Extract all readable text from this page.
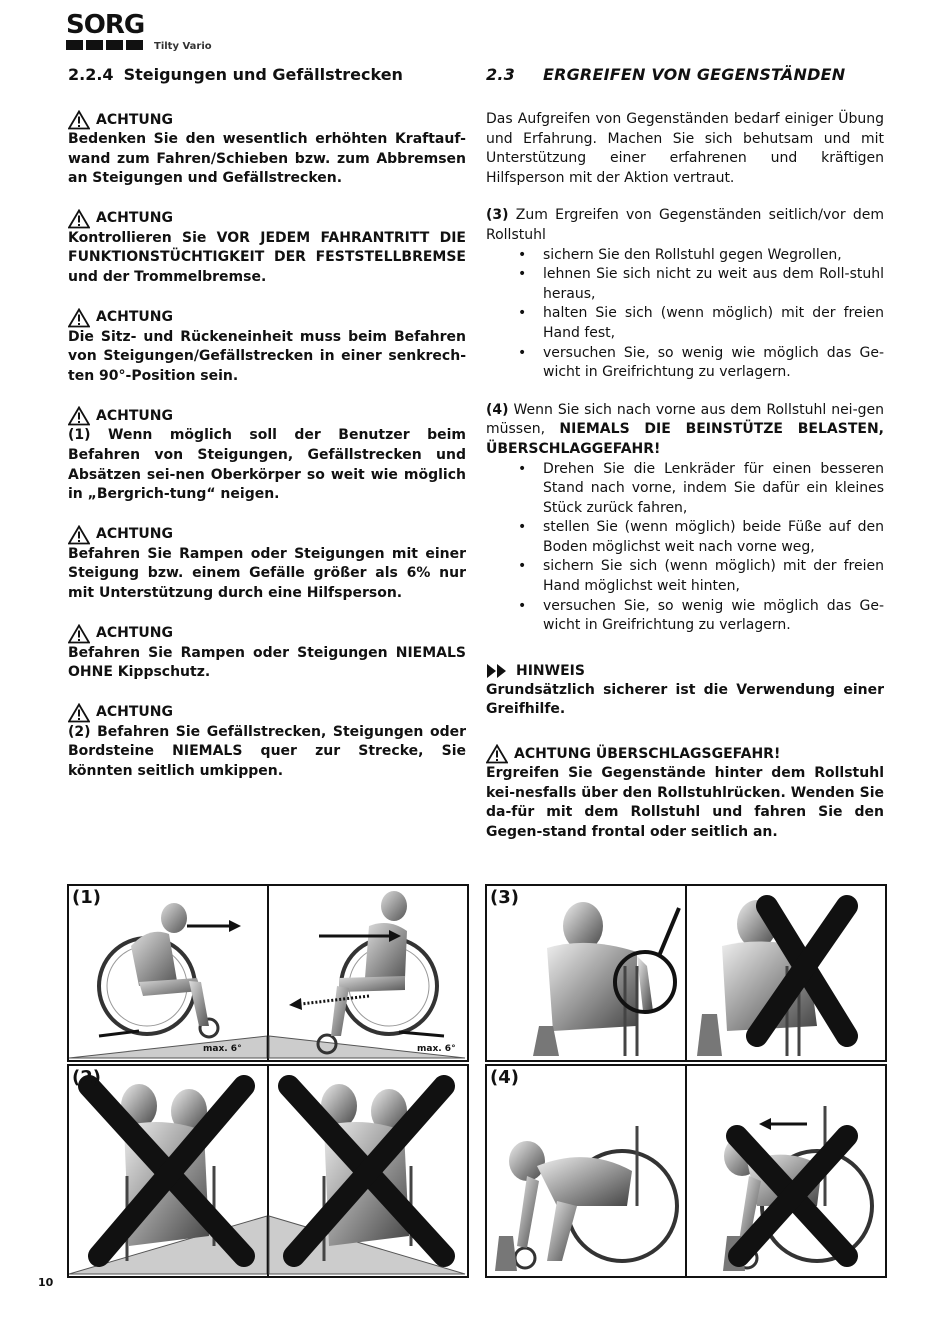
SORG
Tilty Vario
2.2.4 Steigungen und Gefällstrecken
ACHTUNG
Bedenken Sie den wesentlich erhöhten Kraftauf-wand zum Fahren/Schieben bzw. zum Abbremsen an Steigungen und Gefällstrecken.
ACHTUNG
Kontrollieren Sie VOR JEDEM FAHRANTRITT DIE FUNKTIONSTÜCHTIGKEIT DER FESTSTELLBREMSE und der Trommelbremse.
ACHTUNG
Die Sitz- und Rückeneinheit muss beim Befahren von Steigungen/Gefällstrecken in einer senkrech-ten 90°-Position sein.
ACHTUNG
(1) Wenn möglich soll der Benutzer beim Befahren von Steigungen, Gefällstrecken und Absätzen sei-nen Oberkörper so weit wie möglich in „Bergrich-tung“ neigen.
ACHTUNG
Befahren Sie Rampen oder Steigungen mit einer Steigung bzw. einem Gefälle größer als 6% nur mit Unterstützung durch eine Hilfsperson.
ACHTUNG
Befahren Sie Rampen oder Steigungen NIEMALS OHNE Kippschutz.
ACHTUNG
(2) Befahren Sie Gefällstrecken, Steigungen oder Bordsteine NIEMALS quer zur Strecke, Sie könnten seitlich umkippen.
2.3 ERGREIFEN VON GEGENSTÄNDEN

Das Aufgreifen von Gegenständen bedarf einiger Übung und Erfahrung. Machen Sie sich behutsam und mit Unterstützung einer erfahrenen und kräftigen Hilfsperson mit der Aktion vertraut.

(3) Zum Ergreifen von Gegenständen seitlich/vor dem Rollstuhl

• sichern Sie den Rollstuhl gegen Wegrollen,
• lehnen Sie sich nicht zu weit aus dem Roll-stuhl heraus,
• halten Sie sich (wenn möglich) mit der freien Hand fest,
• versuchen Sie, so wenig wie möglich das Ge-wicht in Greifrichtung zu verlagern.

(4) Wenn Sie sich nach vorne aus dem Rollstuhl nei-gen müssen, NIEMALS DIE BEINSTÜTZE BELASTEN, ÜBERSCHLAGGEFAHR!

• Drehen Sie die Lenkräder für einen besseren Stand nach vorne, indem Sie dafür ein kleines Stück zurück fahren,
• stellen Sie (wenn möglich) beide Füße auf den Boden möglichst weit nach vorne weg,
• sichern Sie sich (wenn möglich) mit der freien Hand möglichst weit hinten,
• versuchen Sie, so wenig wie möglich das Ge-wicht in Greifrichtung zu verlagern.
HINWEIS
Grundsätzlich sicherer ist die Verwendung einer Greifhilfe.
ACHTUNG ÜBERSCHLAGSGEFAHR!
Ergreifen Sie Gegenstände hinter dem Rollstuhl kei-nesfalls über den Rollstuhlrücken. Wenden Sie da-für mit dem Rollstuhl und fahren Sie den Gegen-stand frontal oder seitlich an.
(1)
max. 6°	max. 6°
(2)
(3)
(4)
10
